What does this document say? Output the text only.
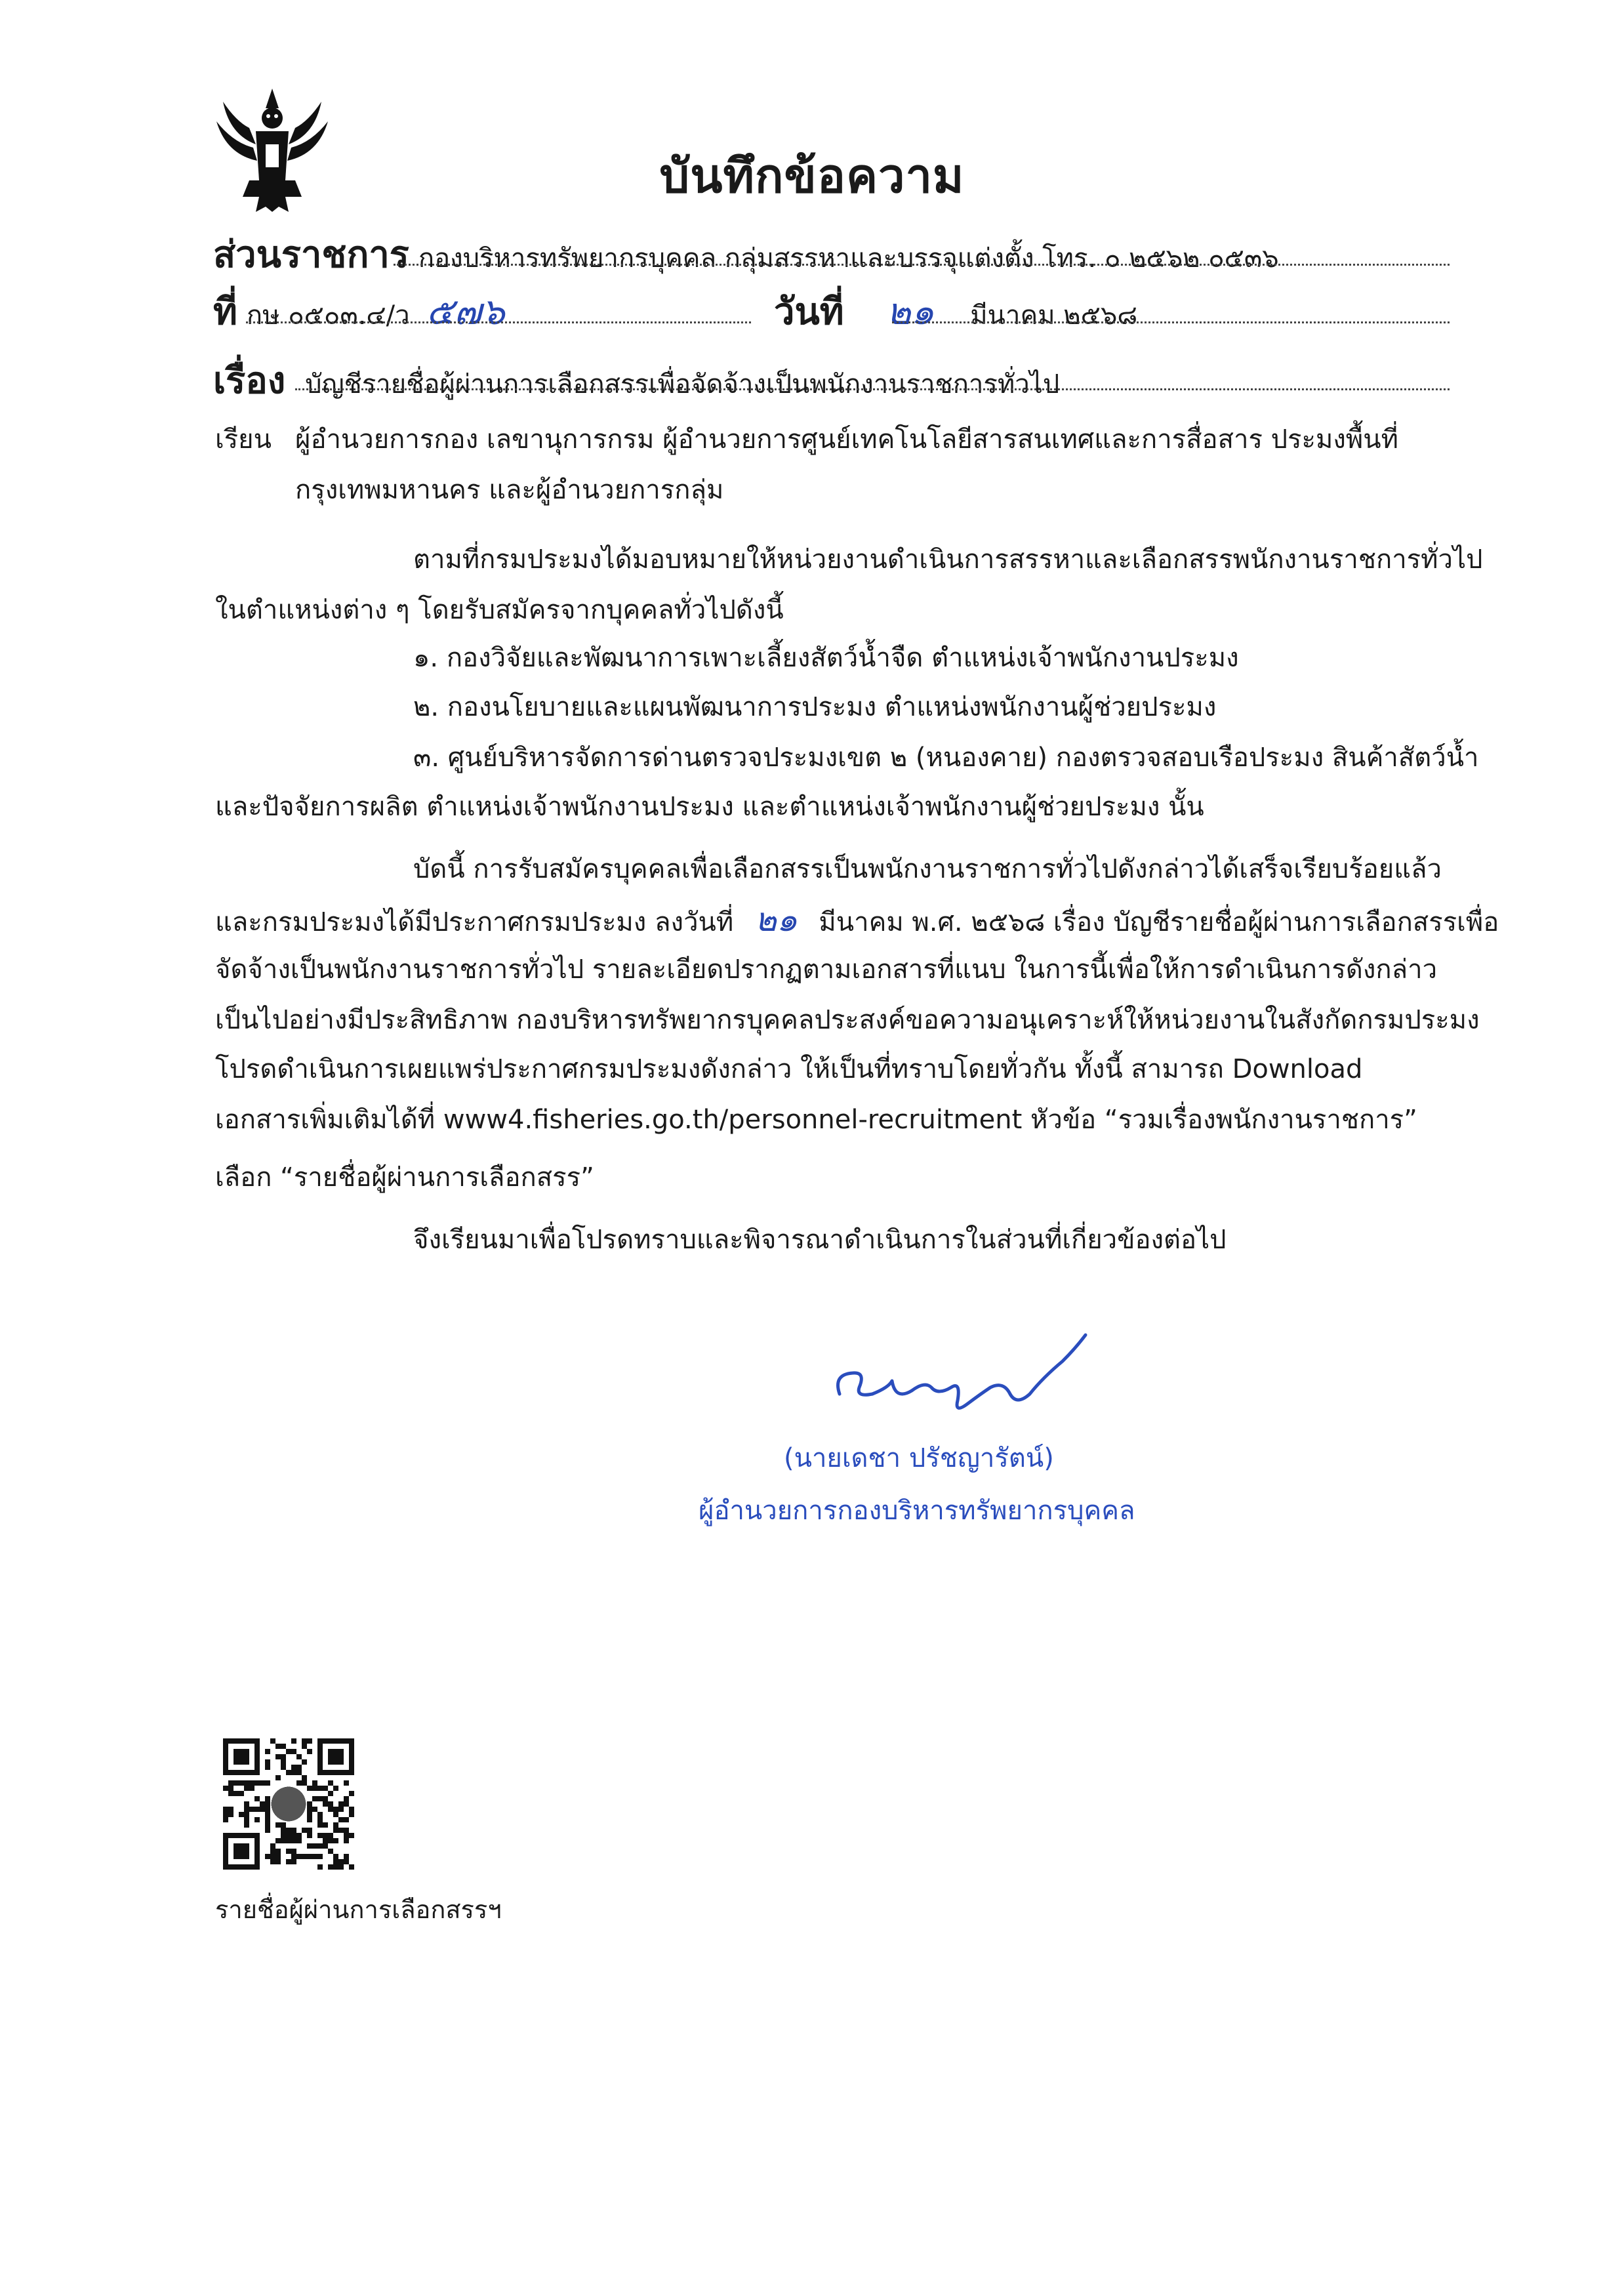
บันทึกข้อความ
ส่วนราชการ กองบริหารทรัพยากรบุคคล กลุ่มสรรหาและบรรจุแต่งตั้ง โทร. ๐ ๒๕๖๒ ๐๕๓๖
ที่ กษ ๐๕๐๓.๔/ว ๕๗๖	วันที่ ๒๑ มีนาคม ๒๕๖๘
เรื่อง บัญชีรายชื่อผู้ผ่านการเลือกสรรเพื่อจัดจ้างเป็นพนักงานราชการทั่วไป
เรียน ผู้อำนวยการกอง เลขานุการกรม ผู้อำนวยการศูนย์เทคโนโลยีสารสนเทศและการสื่อสาร ประมงพื้นที่
กรุงเทพมหานคร และผู้อำนวยการกลุ่ม
ตามที่กรมประมงได้มอบหมายให้หน่วยงานดำเนินการสรรหาและเลือกสรรพนักงานราชการทั่วไป
ในตำแหน่งต่าง ๆ โดยรับสมัครจากบุคคลทั่วไปดังนี้
๑. กองวิจัยและพัฒนาการเพาะเลี้ยงสัตว์น้ำจืด ตำแหน่งเจ้าพนักงานประมง
๒. กองนโยบายและแผนพัฒนาการประมง ตำแหน่งพนักงานผู้ช่วยประมง
๓. ศูนย์บริหารจัดการด่านตรวจประมงเขต ๒ (หนองคาย) กองตรวจสอบเรือประมง สินค้าสัตว์น้ำ
และปัจจัยการผลิต ตำแหน่งเจ้าพนักงานประมง และตำแหน่งเจ้าพนักงานผู้ช่วยประมง นั้น
บัดนี้ การรับสมัครบุคคลเพื่อเลือกสรรเป็นพนักงานราชการทั่วไปดังกล่าวได้เสร็จเรียบร้อยแล้ว
และกรมประมงได้มีประกาศกรมประมง ลงวันที่ ๒๑ มีนาคม พ.ศ. ๒๕๖๘ เรื่อง บัญชีรายชื่อผู้ผ่านการเลือกสรรเพื่อ
จัดจ้างเป็นพนักงานราชการทั่วไป รายละเอียดปรากฏตามเอกสารที่แนบ ในการนี้เพื่อให้การดำเนินการดังกล่าว
เป็นไปอย่างมีประสิทธิภาพ กองบริหารทรัพยากรบุคคลประสงค์ขอความอนุเคราะห์ให้หน่วยงานในสังกัดกรมประมง
โปรดดำเนินการเผยแพร่ประกาศกรมประมงดังกล่าว ให้เป็นที่ทราบโดยทั่วกัน ทั้งนี้ สามารถ Download
เอกสารเพิ่มเติมได้ที่ www4.fisheries.go.th/personnel-recruitment หัวข้อ “รวมเรื่องพนักงานราชการ”
เลือก “รายชื่อผู้ผ่านการเลือกสรร”
จึงเรียนมาเพื่อโปรดทราบและพิจารณาดำเนินการในส่วนที่เกี่ยวข้องต่อไป
(นายเดชา ปรัชญารัตน์)
ผู้อำนวยการกองบริหารทรัพยากรบุคคล
รายชื่อผู้ผ่านการเลือกสรรฯ
